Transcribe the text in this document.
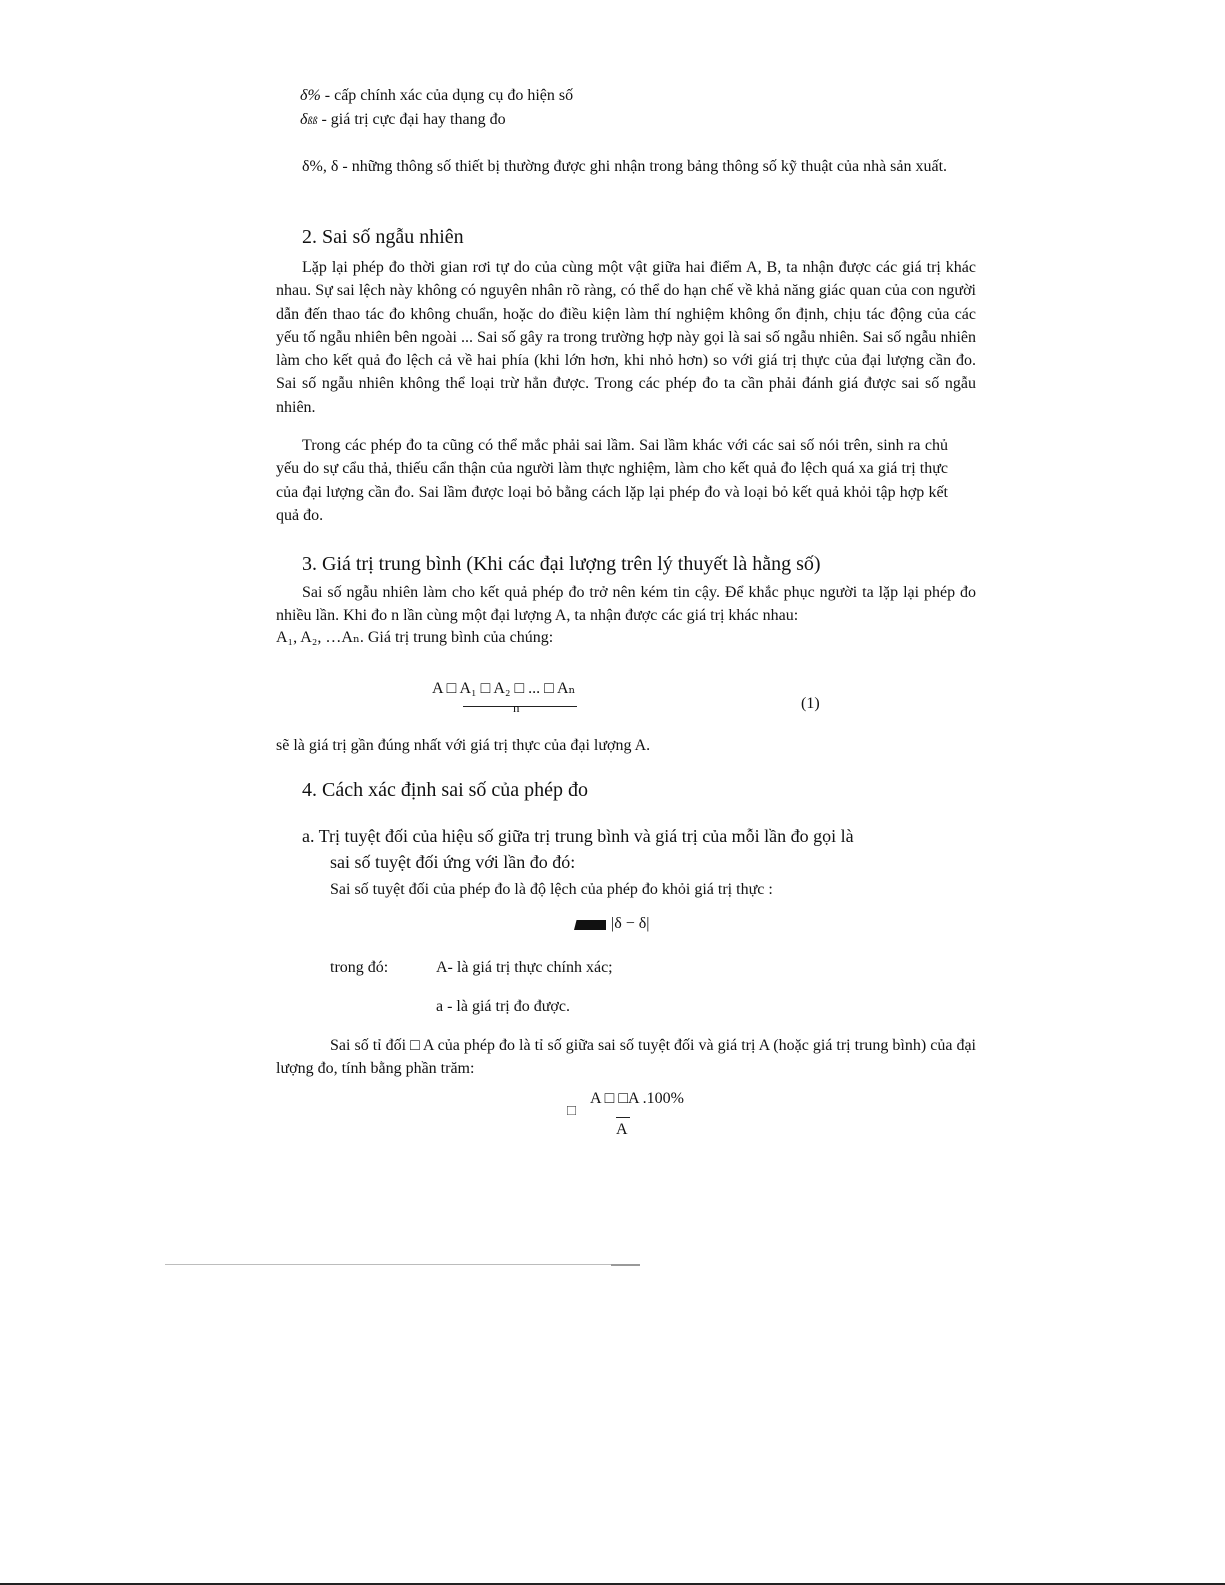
δ% - cấp chính xác của dụng cụ đo hiện số
δßß - giá trị cực đại hay thang đo
δ%, δ - những thông số thiết bị thường được ghi nhận trong bảng thông số kỹ thuật của nhà sản xuất.
2. Sai số ngẫu nhiên
Lặp lại phép đo thời gian rơi tự do của cùng một vật giữa hai điểm A, B, ta nhận được các giá trị khác nhau. Sự sai lệch này không có nguyên nhân rõ ràng, có thể do hạn chế về khả năng giác quan của con người dẫn đến thao tác đo không chuẩn, hoặc do điều kiện làm thí nghiệm không ổn định, chịu tác động của các yếu tố ngẫu nhiên bên ngoài ... Sai số gây ra trong trường hợp này gọi là sai số ngẫu nhiên. Sai số ngẫu nhiên làm cho kết quả đo lệch cả về hai phía (khi lớn hơn, khi nhỏ hơn) so với giá trị thực của đại lượng cần đo. Sai số ngẫu nhiên không thể loại trừ hẳn được. Trong các phép đo ta cần phải đánh giá được sai số ngẫu nhiên.
Trong các phép đo ta cũng có thể mắc phải sai lầm. Sai lầm khác với các sai số nói trên, sinh ra chủ yếu do sự cẩu thả, thiếu cẩn thận của người làm thực nghiệm, làm cho kết quả đo lệch quá xa giá trị thực của đại lượng cần đo. Sai lầm được loại bỏ bằng cách lặp lại phép đo và loại bỏ kết quả khỏi tập hợp kết quả đo.
3. Giá trị trung bình (Khi các đại lượng trên lý thuyết là hằng số)
Sai số ngẫu nhiên làm cho kết quả phép đo trở nên kém tin cậy. Để khắc phục người ta lặp lại phép đo nhiều lần. Khi đo n lần cùng một đại lượng A, ta nhận được các giá trị khác nhau:
A₁, A₂, …Aₙ. Giá trị trung bình của chúng:
A □ A₁ □ A₂ □ ... □ Aₙ
n	(1)
sẽ là giá trị gần đúng nhất với giá trị thực của đại lượng A.
4. Cách xác định sai số của phép đo
a. Trị tuyệt đối của hiệu số giữa trị trung bình và giá trị của mỗi lần đo gọi là
sai số tuyệt đối ứng với lần đo đó:
Sai số tuyệt đối của phép đo là độ lệch của phép đo khỏi giá trị thực :
|δ − δ|
trong đó:	A- là giá trị thực chính xác;
a - là giá trị đo được.
Sai số tỉ đối □ A của phép đo là tỉ số giữa sai số tuyệt đối và giá trị A (hoặc giá trị trung bình) của đại lượng đo, tính bằng phần trăm:
□
A □ □A .100%
A
